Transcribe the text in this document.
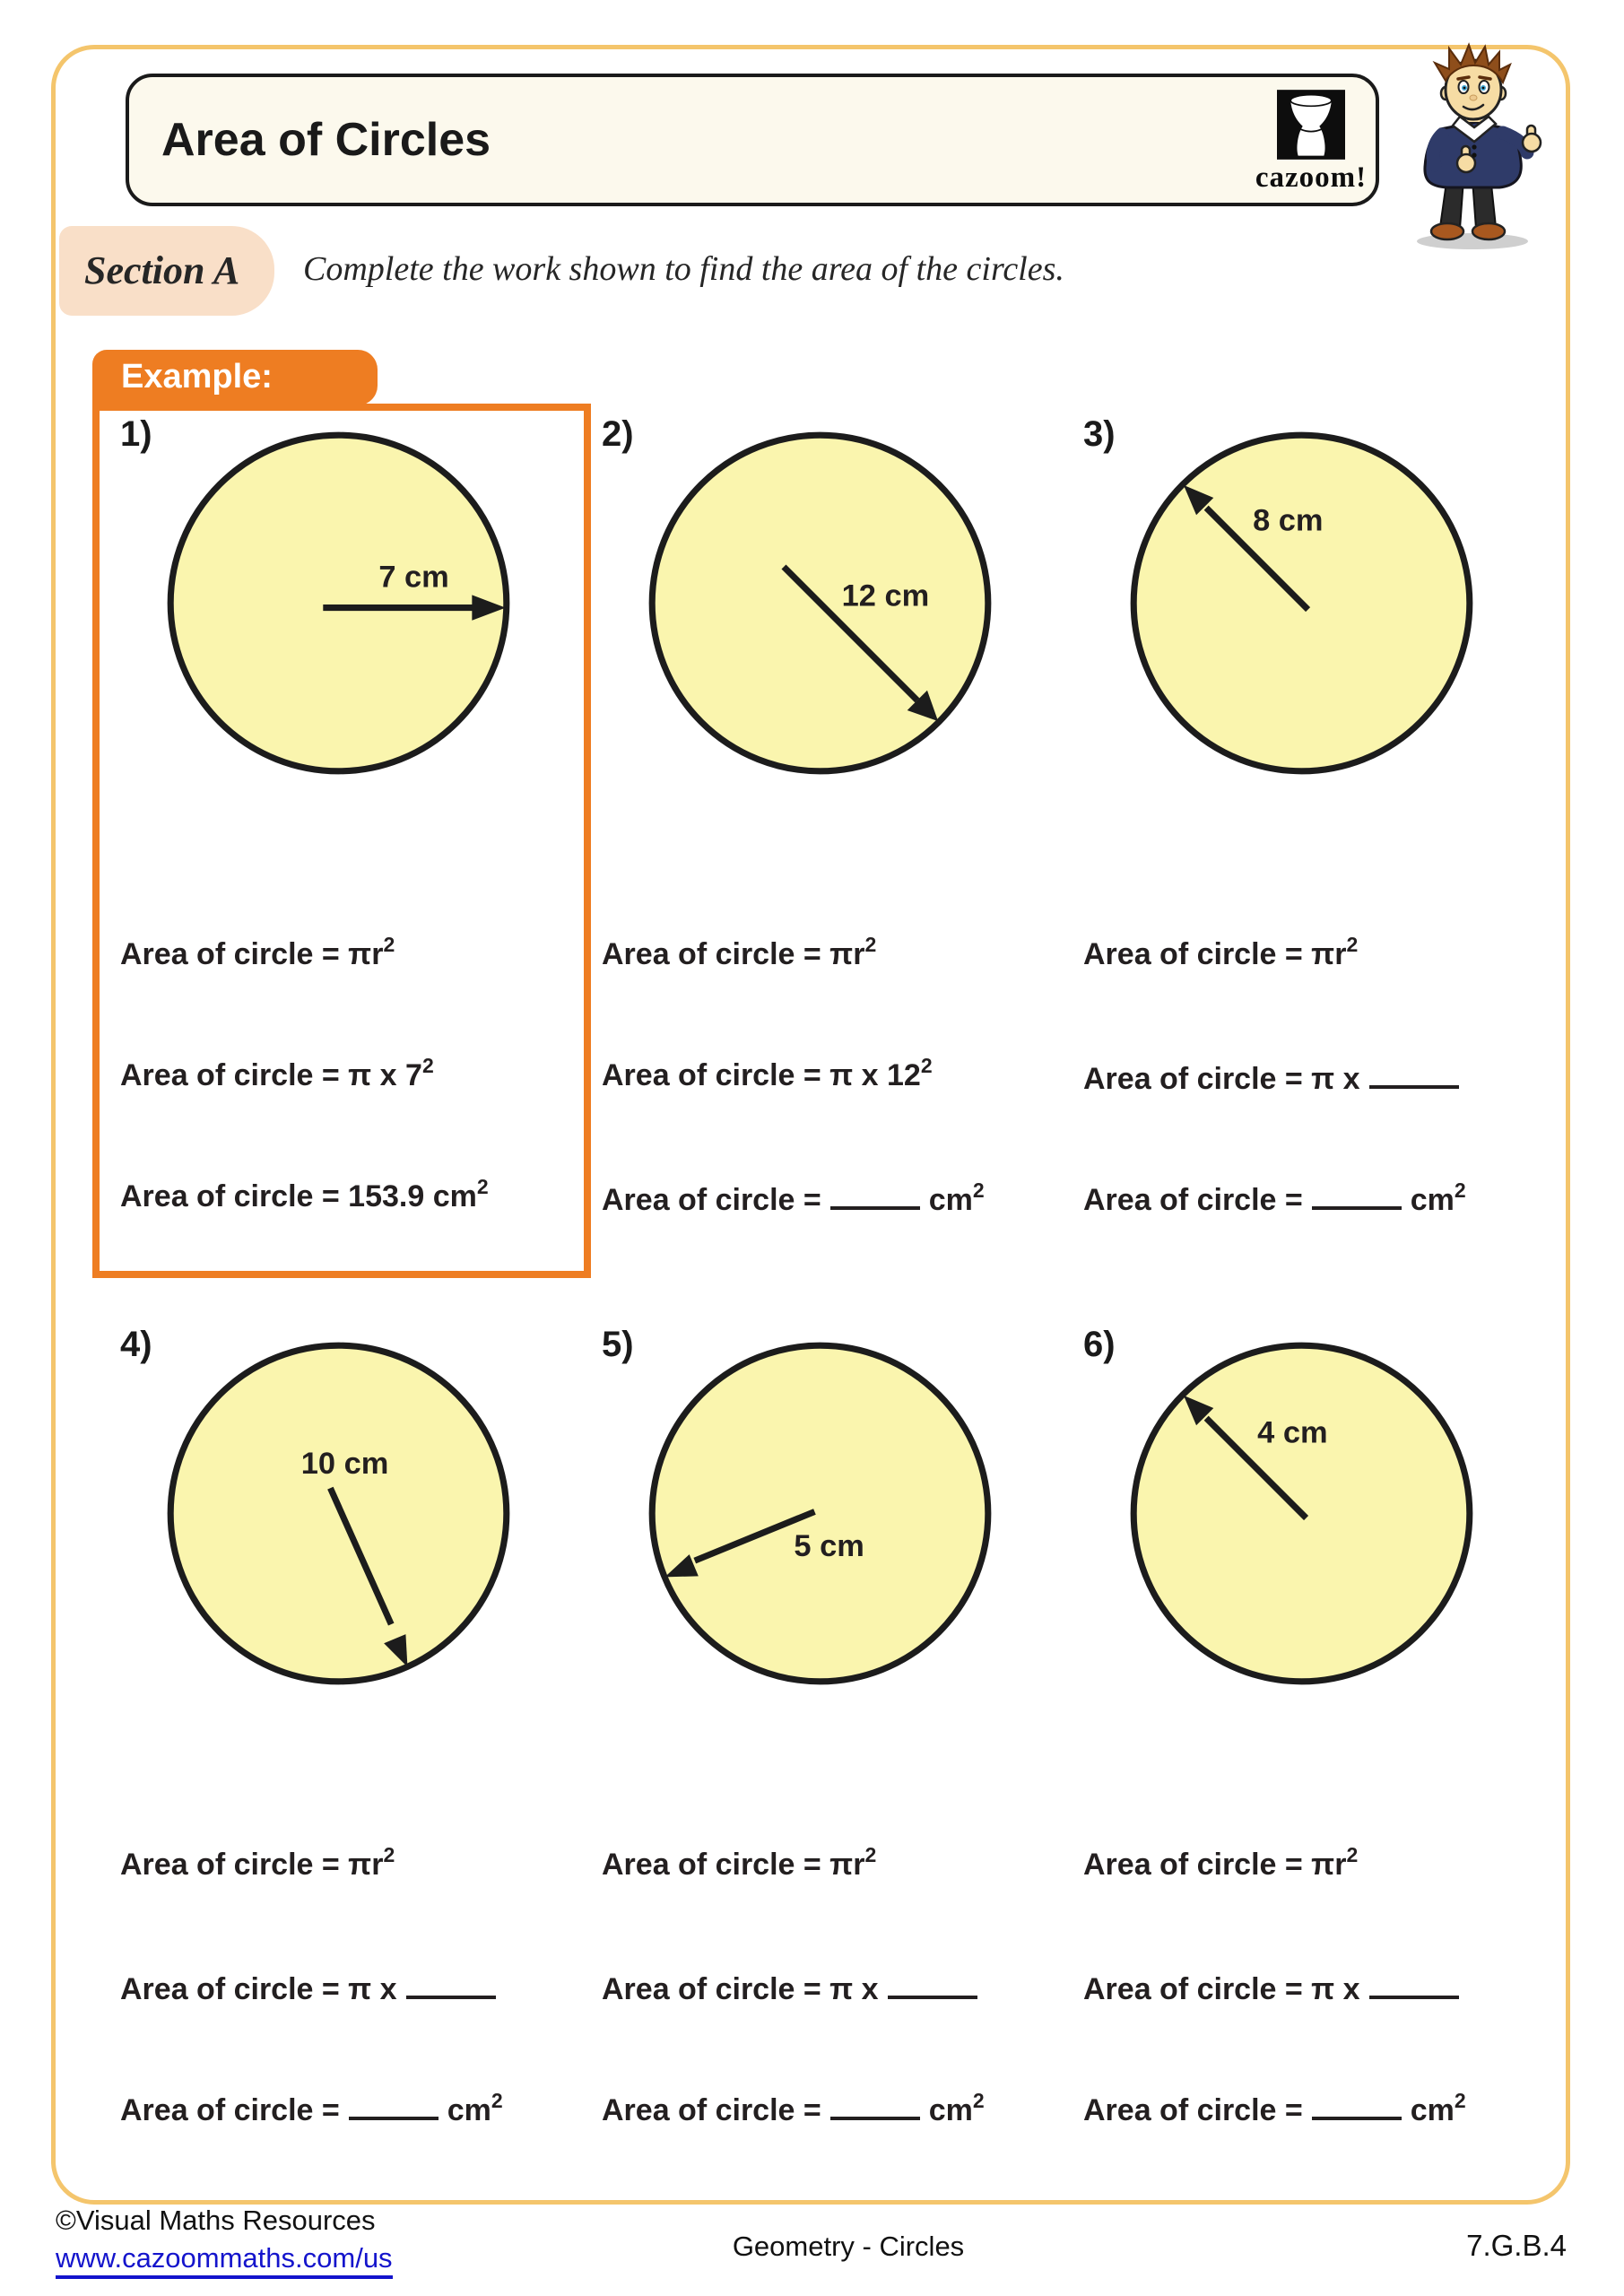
Area of Circles
cazoom!
Section A Complete the work shown to find the area of the circles.
Example:
1)
7 cm
Area of circle = $\pi r^2$
Area of circle = π x $7^2$
Area of circle = 153.9 $cm^2$
2)
12 cm
Area of circle = $\pi r^2$
Area of circle = π x $12^2$
Area of circle =	$cm^2$
3)
8 cm
Area of circle = $\pi r^2$
Area of circle = π x
Area of circle =	$cm^2$
4)
10 cm
Area of circle = $\pi r^2$
Area of circle = π x
Area of circle =	$cm^2$
5)
5 cm
Area of circle = $\pi r^2$
Area of circle = π x
Area of circle =	$cm^2$
6)
4 cm
Area of circle = $\pi r^2$
Area of circle = π x
Area of circle =	$cm^2$
©Visual Maths Resources
www.cazoommaths.com/us	Geometry - Circles	7.G.B.4
